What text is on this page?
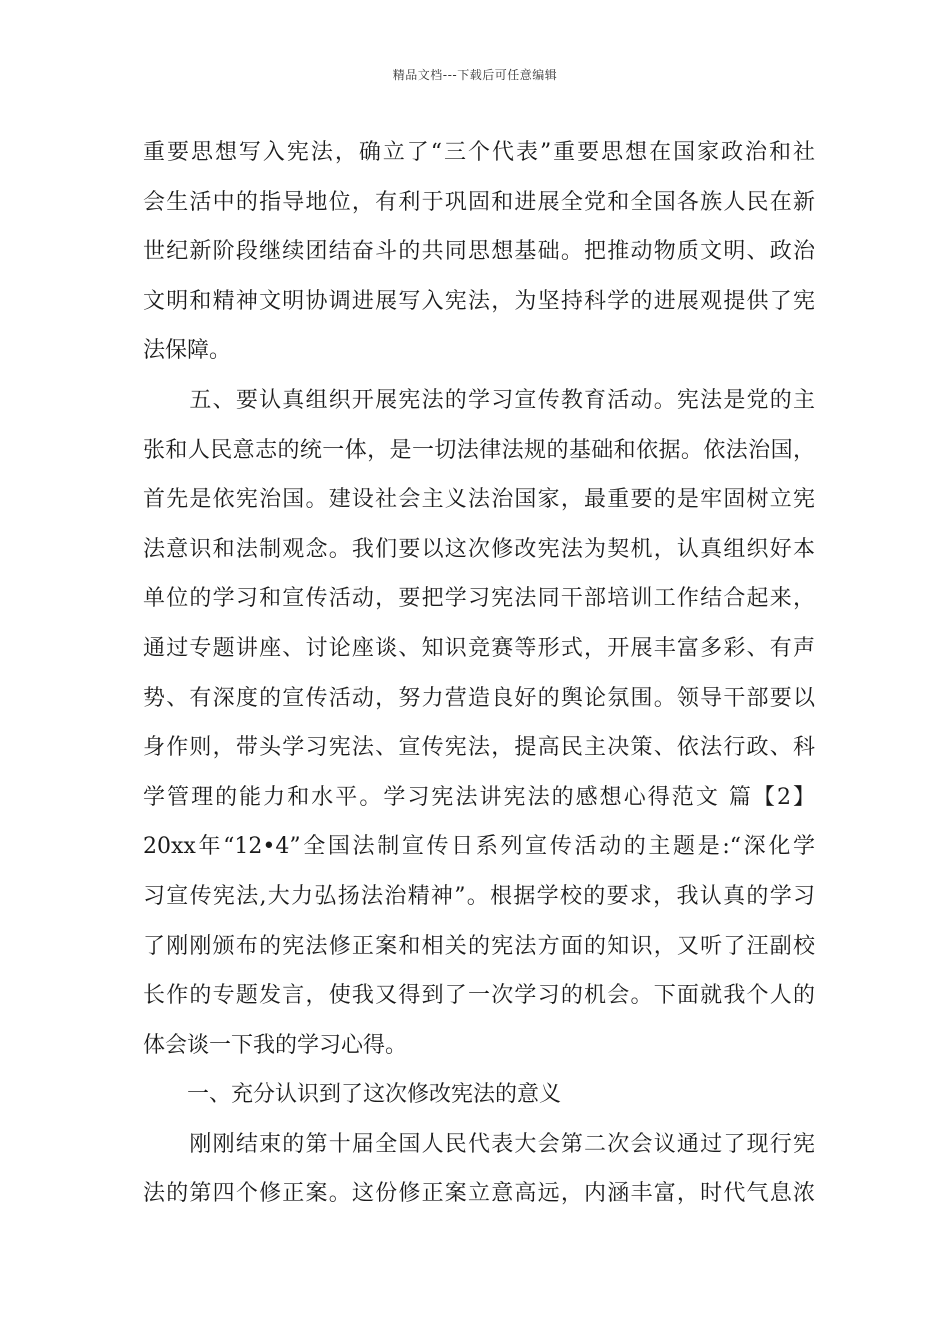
精品文档---下载后可任意编辑
重要思想写入宪法，确立了“三个代表”重要思想在国家政治和社
会生活中的指导地位，有利于巩固和进展全党和全国各族人民在新
世纪新阶段继续团结奋斗的共同思想基础。把推动物质文明、政治
文明和精神文明协调进展写入宪法，为坚持科学的进展观提供了宪
法保障。
　　五、要认真组织开展宪法的学习宣传教育活动。宪法是党的主
张和人民意志的统一体，是一切法律法规的基础和依据。依法治国，
首先是依宪治国。建设社会主义法治国家，最重要的是牢固树立宪
法意识和法制观念。我们要以这次修改宪法为契机，认真组织好本
单位的学习和宣传活动，要把学习宪法同干部培训工作结合起来，
通过专题讲座、讨论座谈、知识竞赛等形式，开展丰富多彩、有声
势、有深度的宣传活动，努力营造良好的舆论氛围。领导干部要以
身作则，带头学习宪法、宣传宪法，提高民主决策、依法行政、科
学管理的能力和水平。学习宪法讲宪法的感想心得范文 篇【2】
20xx年“12•4”全国法制宣传日系列宣传活动的主题是:“深化学
习宣传宪法,大力弘扬法治精神”。根据学校的要求，我认真的学习
了刚刚颁布的宪法修正案和相关的宪法方面的知识，又听了汪副校
长作的专题发言，使我又得到了一次学习的机会。下面就我个人的
体会谈一下我的学习心得。
　　一、充分认识到了这次修改宪法的意义
　　刚刚结束的第十届全国人民代表大会第二次会议通过了现行宪
法的第四个修正案。这份修正案立意高远，内涵丰富，时代气息浓
